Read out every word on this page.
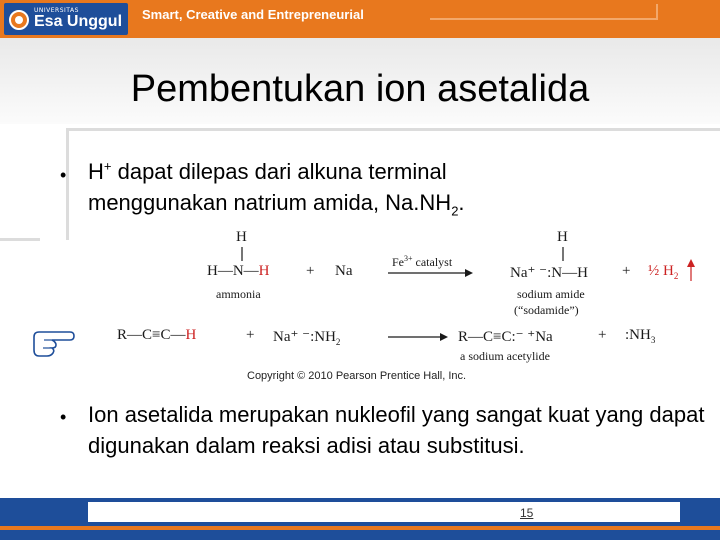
UNIVERSITAS
Esa Unggul Smart, Creative and Entrepreneurial
Pembentukan ion asetalida
• H+ dapat dilepas dari alkuna terminal
menggunakan natrium amida, $Na.NH_2$.
H
H—N—H + Na
$Fe^{3+}$ catalyst
H
Na⁺ ⁻:N—H + ½ $H_2$
ammonia	sodium amide
(“sodamide”)
R—C≡C—H	+ Na⁺ $^-:NH_2$	R—C≡C:⁻ ⁺Na	+ $:NH_3$
a sodium acetylide
Copyright © 2010 Pearson Prentice Hall, Inc.
• Ion asetalida merupakan nukleofil yang sangat kuat yang dapat digunakan dalam reaksi adisi atau substitusi.
15
